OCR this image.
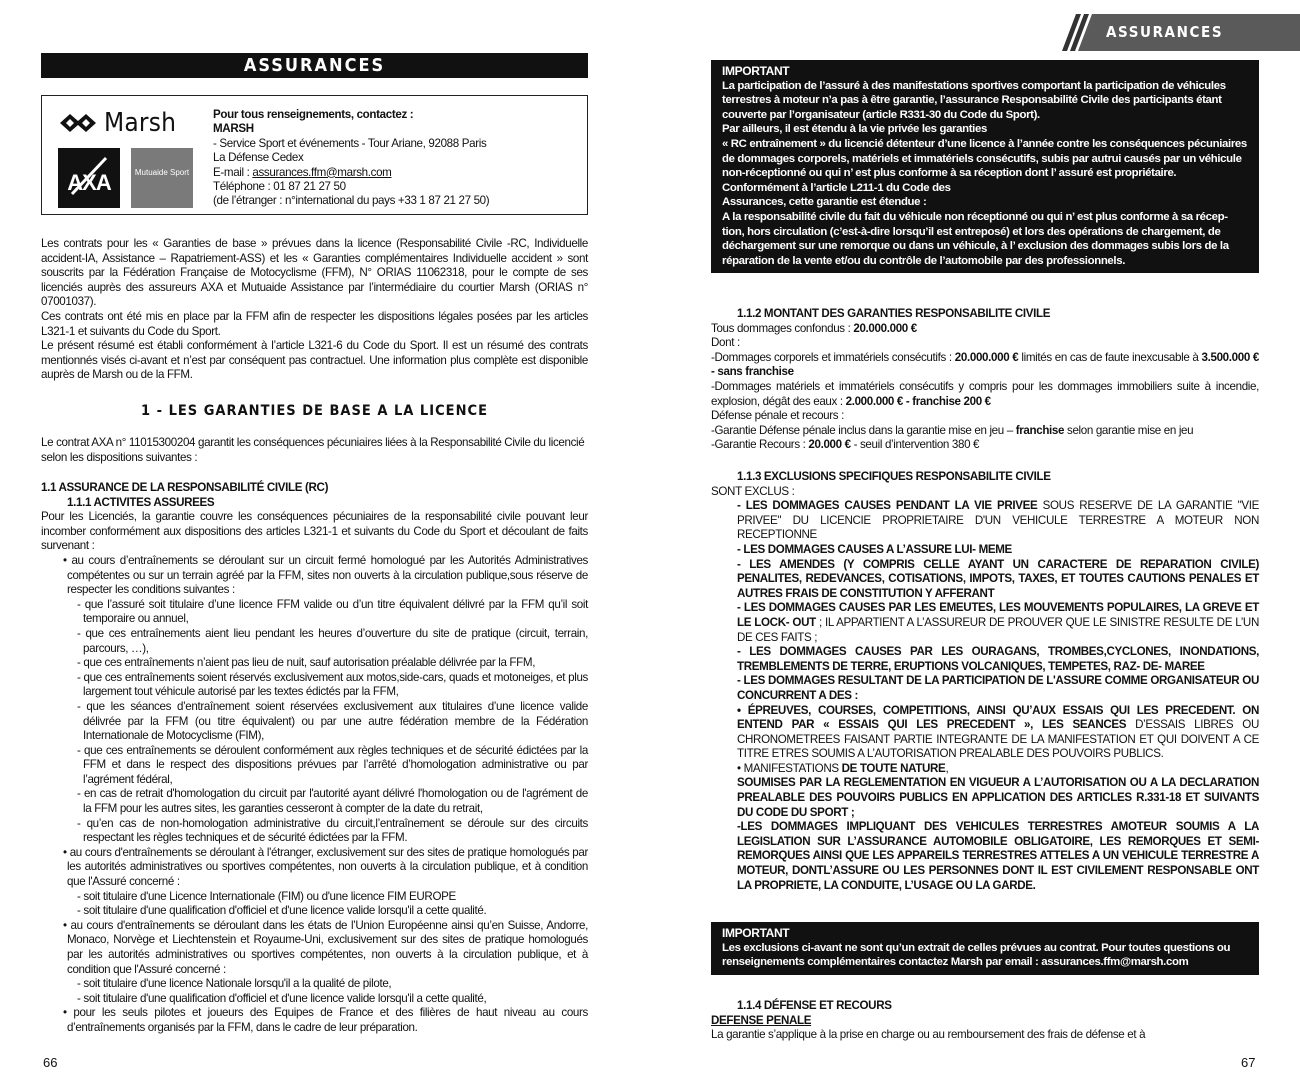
ASSURANCES
Marsh
AXA	Mutuaide Sport
Pour tous renseignements, contactez :
MARSH
- Service Sport et événements - Tour Ariane, 92088 Paris
La Défense Cedex
E-mail : assurances.ffm@marsh.com
Téléphone : 01 87 21 27 50
(de l’étranger : n°international du pays +33 1 87 21 27 50)

Les contrats pour les « Garanties de base » prévues dans la licence (Responsabilité Civile -RC, Individuelle accident-IA, Assistance – Rapatriement-ASS) et les « Garanties complémentaires Individuelle accident » sont souscrits par la Fédération Française de Motocyclisme (FFM), N° ORIAS 11062318, pour le compte de ses licenciés auprès des assureurs AXA et Mutuaide Assistance par l’intermédiaire du courtier Marsh (ORIAS n° 07001037).

Ces contrats ont été mis en place par la FFM afin de respecter les dispositions légales posées par les articles L321-1 et suivants du Code du Sport.

Le présent résumé est établi conformément à l’article L321-6 du Code du Sport. Il est un résumé des contrats mentionnés visés ci-avant et n’est par conséquent pas contractuel. Une information plus complète est disponible auprès de Marsh ou de la FFM.

1 - LES GARANTIES DE BASE A LA LICENCE
Le contrat AXA n° 11015300204 garantit les conséquences pécuniaires liées à la Responsabilité Civile du licencié selon les dispositions suivantes :
1.1 ASSURANCE DE LA RESPONSABILITÉ CIVILE (RC)
1.1.1 ACTIVITES ASSUREES
Pour les Licenciés, la garantie couvre les conséquences pécuniaires de la responsabilité civile pouvant leur incomber conformément aux dispositions des articles L321-1 et suivants du Code du Sport et découlant de faits survenant :
• au cours d’entraînements se déroulant sur un circuit fermé homologué par les Autorités Administratives compétentes ou sur un terrain agréé par la FFM, sites non ouverts à la circulation publique,sous réserve de respecter les conditions suivantes :
- que l’assuré soit titulaire d’une licence FFM valide ou d’un titre équivalent délivré par la FFM qu’il soit temporaire ou annuel,
- que ces entraînements aient lieu pendant les heures d’ouverture du site de pratique (circuit, terrain, parcours, …),
- que ces entraînements n’aient pas lieu de nuit, sauf autorisation préalable délivrée par la FFM,
- que ces entraînements soient réservés exclusivement aux motos,side-cars, quads et motoneiges, et plus largement tout véhicule autorisé par les textes édictés par la FFM,
- que les séances d’entraînement soient réservées exclusivement aux titulaires d’une licence valide délivrée par la FFM (ou titre équivalent) ou par une autre fédération membre de la Fédération Internationale de Motocyclisme (FIM),
- que ces entraînements se déroulent conformément aux règles techniques et de sécurité édictées par la FFM et dans le respect des dispositions prévues par l’arrêté d’homologation administrative ou par l’agrément fédéral,
- en cas de retrait d'homologation du circuit par l'autorité ayant délivré l'homologation ou de l'agrément de la FFM pour les autres sites, les garanties cesseront à compter de la date du retrait,
- qu’en cas de non-homologation administrative du circuit,l’entraînement se déroule sur des circuits respectant les règles techniques et de sécurité édictées par la FFM.
• au cours d'entraînements se déroulant à l'étranger, exclusivement sur des sites de pratique homologués par les autorités administratives ou sportives compétentes, non ouverts à la circulation publique, et à condition que l'Assuré concerné :
- soit titulaire d'une Licence Internationale (FIM) ou d'une licence FIM EUROPE
- soit titulaire d'une qualification d'officiel et d'une licence valide lorsqu'il a cette qualité.
• au cours d'entraînements se déroulant dans les états de l’Union Européenne ainsi qu’en Suisse, Andorre, Monaco, Norvège et Liechtenstein et Royaume-Uni, exclusivement sur des sites de pratique homologués par les autorités administratives ou sportives compétentes, non ouverts à la circulation publique, et à condition que l'Assuré concerné :
- soit titulaire d'une licence Nationale lorsqu'il a la qualité de pilote,
- soit titulaire d'une qualification d'officiel et d'une licence valide lorsqu'il a cette qualité,
• pour les seuls pilotes et joueurs des Equipes de France et des filières de haut niveau au cours d’entraînements organisés par la FFM, dans le cadre de leur préparation.
66
ASSURANCES
IMPORTANT
La participation de l’assuré à des manifestations sportives comportant la participation de véhicules terrestres à moteur n’a pas à être garantie, l’assurance Responsabilité Civile des participants étant couverte par l’organisateur (article R331-30 du Code du Sport).
Par ailleurs, il est étendu à la vie privée les garanties
« RC entraînement » du licencié détenteur d’une licence à l’année contre les conséquences pécuniaires de dommages corporels, matériels et immatériels consécutifs, subis par autrui causés par un véhicule non-réceptionné ou qui n’ est plus conforme à sa réception dont l’ assuré est propriétaire.
Conformément à l’article L211-1 du Code des
Assurances, cette garantie est étendue :
A la responsabilité civile du fait du véhicule non réceptionné ou qui n’ est plus conforme à sa récep-tion, hors circulation (c’est-à-dire lorsqu’il est entreposé) et lors des opérations de chargement, de déchargement sur une remorque ou dans un véhicule, à l’ exclusion des dommages subis lors de la réparation de la vente et/ou du contrôle de l’automobile par des professionnels.
1.1.2 MONTANT DES GARANTIES RESPONSABILITE CIVILE
Tous dommages confondus : 20.000.000 €
Dont :
-Dommages corporels et immatériels consécutifs : 20.000.000 € limités en cas de faute inexcusable à 3.500.000 € - sans franchise
-Dommages matériels et immatériels consécutifs y compris pour les dommages immobiliers suite à incendie, explosion, dégât des eaux : 2.000.000 € - franchise 200 €
Défense pénale et recours :
-Garantie Défense pénale inclus dans la garantie mise en jeu – franchise selon garantie mise en jeu
-Garantie Recours : 20.000 € - seuil d’intervention 380 €
1.1.3 EXCLUSIONS SPECIFIQUES RESPONSABILITE CIVILE
SONT EXCLUS :
- LES DOMMAGES CAUSES PENDANT LA VIE PRIVEE SOUS RESERVE DE LA GARANTIE "VIE PRIVEE" DU LICENCIE PROPRIETAIRE D'UN VEHICULE TERRESTRE A MOTEUR NON RECEPTIONNE
- LES DOMMAGES CAUSES A L’ASSURE LUI- MEME
- LES AMENDES (Y COMPRIS CELLE AYANT UN CARACTERE DE REPARATION CIVILE) PENALITES, REDEVANCES, COTISATIONS, IMPOTS, TAXES, ET TOUTES CAUTIONS PENALES ET AUTRES FRAIS DE CONSTITUTION Y AFFERANT
- LES DOMMAGES CAUSES PAR LES EMEUTES, LES MOUVEMENTS POPULAIRES, LA GREVE ET LE LOCK- OUT ; IL APPARTIENT A L’ASSUREUR DE PROUVER QUE LE SINISTRE RESULTE DE L’UN DE CES FAITS ;
- LES DOMMAGES CAUSES PAR LES OURAGANS, TROMBES,CYCLONES, INONDATIONS, TREMBLEMENTS DE TERRE, ERUPTIONS VOLCANIQUES, TEMPETES, RAZ- DE- MAREE
- LES DOMMAGES RESULTANT DE LA PARTICIPATION DE L'ASSURE COMME ORGANISATEUR OU CONCURRENT A DES :
• ÉPREUVES, COURSES, COMPETITIONS, AINSI QU’AUX ESSAIS QUI LES PRECEDENT. ON ENTEND PAR « ESSAIS QUI LES PRECEDENT », LES SEANCES D’ESSAIS LIBRES OU CHRONOMETREES FAISANT PARTIE INTEGRANTE DE LA MANIFESTATION ET QUI DOIVENT A CE TITRE ETRES SOUMIS A L’AUTORISATION PREALABLE DES POUVOIRS PUBLICS.
• MANIFESTATIONS DE TOUTE NATURE,
SOUMISES PAR LA REGLEMENTATION EN VIGUEUR A L’AUTORISATION OU A LA DECLARATION PREALABLE DES POUVOIRS PUBLICS EN APPLICATION DES ARTICLES R.331-18 ET SUIVANTS DU CODE DU SPORT ;
-LES DOMMAGES IMPLIQUANT DES VEHICULES TERRESTRES AMOTEUR SOUMIS A LA LEGISLATION SUR L’ASSURANCE AUTOMOBILE OBLIGATOIRE, LES REMORQUES ET SEMI-REMORQUES AINSI QUE LES APPAREILS TERRESTRES ATTELES A UN VEHICULE TERRESTRE A MOTEUR, DONTL’ASSURE OU LES PERSONNES DONT IL EST CIVILEMENT RESPONSABLE ONT LA PROPRIETE, LA CONDUITE, L’USAGE OU LA GARDE.
IMPORTANT
Les exclusions ci-avant ne sont qu’un extrait de celles prévues au contrat. Pour toutes questions ou renseignements complémentaires contactez Marsh par email : assurances.ffm@marsh.com
1.1.4 DÉFENSE ET RECOURS
DEFENSE PENALE
La garantie s’applique à la prise en charge ou au remboursement des frais de défense et à
67
